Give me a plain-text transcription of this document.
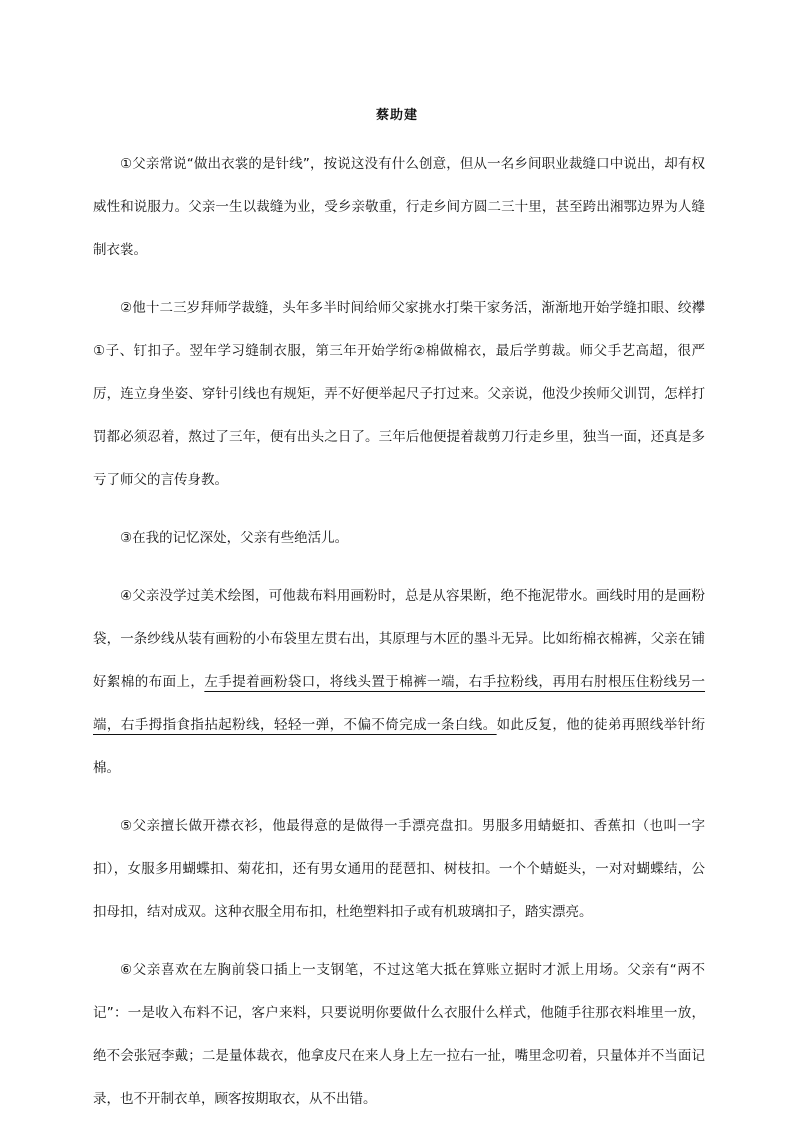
蔡助建

①父亲常说“做出衣裳的是针线”，按说这没有什么创意，但从一名乡间职业裁缝口中说出，却有权威性和说服力。父亲一生以裁缝为业，受乡亲敬重，行走乡间方圆二三十里，甚至跨出湘鄂边界为人缝制衣裳。

②他十二三岁拜师学裁缝，头年多半时间给师父家挑水打柴干家务活，渐渐地开始学缝扣眼、绞襻①子、钉扣子。翌年学习缝制衣服，第三年开始学绗②棉做棉衣，最后学剪裁。师父手艺高超，很严厉，连立身坐姿、穿针引线也有规矩，弄不好便举起尺子打过来。父亲说，他没少挨师父训罚，怎样打罚都必须忍着，熬过了三年，便有出头之日了。三年后他便提着裁剪刀行走乡里，独当一面，还真是多亏了师父的言传身教。

③在我的记忆深处，父亲有些绝活儿。

④父亲没学过美术绘图，可他裁布料用画粉时，总是从容果断，绝不拖泥带水。画线时用的是画粉袋，一条纱线从装有画粉的小布袋里左贯右出，其原理与木匠的墨斗无异。比如绗棉衣棉裤，父亲在铺好絮棉的布面上，左手提着画粉袋口，将线头置于棉裤一端，右手拉粉线，再用右肘根压住粉线另一端，右手拇指食指拈起粉线，轻轻一弹，不偏不倚完成一条白线。如此反复，他的徒弟再照线举针绗棉。

⑤父亲擅长做开襟衣衫，他最得意的是做得一手漂亮盘扣。男服多用蜻蜓扣、香蕉扣（也叫一字扣），女服多用蝴蝶扣、菊花扣，还有男女通用的琵琶扣、树枝扣。一个个蜻蜓头，一对对蝴蝶结，公扣母扣，结对成双。这种衣服全用布扣，杜绝塑料扣子或有机玻璃扣子，踏实漂亮。

⑥父亲喜欢在左胸前袋口插上一支钢笔，不过这笔大抵在算账立据时才派上用场。父亲有“两不记”：一是收入布料不记，客户来料，只要说明你要做什么衣服什么样式，他随手往那衣料堆里一放，绝不会张冠李戴；二是量体裁衣，他拿皮尺在来人身上左一拉右一扯，嘴里念叨着，只量体并不当面记录，也不开制衣单，顾客按期取衣，从不出错。
